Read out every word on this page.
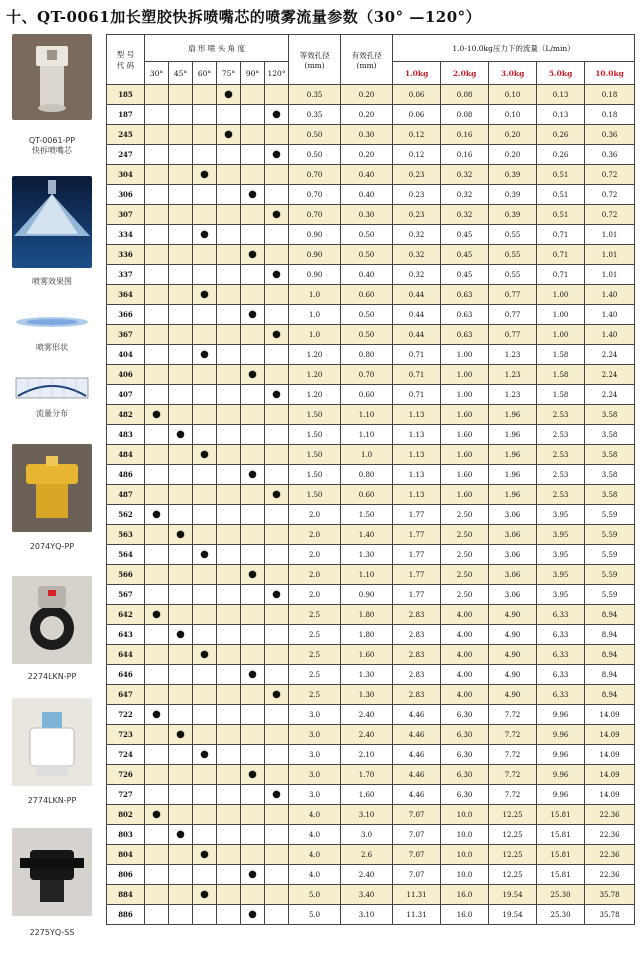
十、QT-0061加长塑胶快拆喷嘴芯的喷雾流量参数（30° —120°）
QT-0061-PP
快拆喷嘴芯
喷雾效果图
喷雾形状
流量分布
2074YQ-PP
2274LKN-PP
2774LKN-PP
2275YQ-SS
型 号
代 码	扇 形 喷 头 角 度						等效孔径
(mm)	有效孔径
(mm)	1.0-10.0kg压力下的流量（L/min）				
	30°	45°	60°	75°	90°	120°			1.0kg	2.0kg	3.0kg	5.0kg	10.0kg
185				●			0.35	0.20	0.06	0.08	0.10	0.13	0.18
187						●	0.35	0.20	0.06	0.08	0.10	0.13	0.18
245				●			0.50	0.30	0.12	0.16	0.20	0.26	0.36
247						●	0.50	0.20	0.12	0.16	0.20	0.26	0.36
304			●				0.70	0.40	0.23	0.32	0.39	0.51	0.72
306					●		0.70	0.40	0.23	0.32	0.39	0.51	0.72
307						●	0.70	0.30	0.23	0.32	0.39	0.51	0.72
334			●				0.90	0.50	0.32	0.45	0.55	0.71	1.01
336					●		0.90	0.50	0.32	0.45	0.55	0.71	1.01
337						●	0.90	0.40	0.32	0.45	0.55	0.71	1.01
364			●				1.0	0.60	0.44	0.63	0.77	1.00	1.40
366					●		1.0	0.50	0.44	0.63	0.77	1.00	1.40
367						●	1.0	0.50	0.44	0.63	0.77	1.00	1.40
404			●				1.20	0.80	0.71	1.00	1.23	1.58	2.24
406					●		1.20	0.70	0.71	1.00	1.23	1.58	2.24
407						●	1.20	0.60	0.71	1.00	1.23	1.58	2.24
482	●						1.50	1.10	1.13	1.60	1.96	2.53	3.58
483		●					1.50	1.10	1.13	1.60	1.96	2.53	3.58
484			●				1.50	1.0	1.13	1.60	1.96	2.53	3.58
486					●		1.50	0.80	1.13	1.60	1.96	2.53	3.58
487						●	1.50	0.60	1.13	1.60	1.96	2.53	3.58
562	●						2.0	1.50	1.77	2.50	3.06	3.95	5.59
563		●					2.0	1.40	1.77	2.50	3.06	3.95	5.59
564			●				2.0	1.30	1.77	2.50	3.06	3.95	5.59
566					●		2.0	1.10	1.77	2.50	3.06	3.95	5.59
567						●	2.0	0.90	1.77	2.50	3.06	3.95	5.59
642	●						2.5	1.80	2.83	4.00	4.90	6.33	8.94
643		●					2.5	1.80	2.83	4.00	4.90	6.33	8.94
644			●				2.5	1.60	2.83	4.00	4.90	6.33	8.94
646					●		2.5	1.30	2.83	4.00	4.90	6.33	8.94
647						●	2.5	1.30	2.83	4.00	4.90	6.33	8.94
722	●						3.0	2.40	4.46	6.30	7.72	9.96	14.09
723		●					3.0	2.40	4.46	6.30	7.72	9.96	14.09
724			●				3.0	2.10	4.46	6.30	7.72	9.96	14.09
726					●		3.0	1.70	4.46	6.30	7.72	9.96	14.09
727						●	3.0	1.60	4.46	6.30	7.72	9.96	14.09
802	●						4.0	3.10	7.07	10.0	12.25	15.81	22.36
803		●					4.0	3.0	7.07	10.0	12.25	15.81	22.36
804			●				4.0	2.6	7.07	10.0	12.25	15.81	22.36
806					●		4.0	2.40	7.07	10.0	12.25	15.81	22.36
884			●				5.0	3.40	11.31	16.0	19.54	25.30	35.78
886					●		5.0	3.10	11.31	16.0	19.54	25.30	35.78
